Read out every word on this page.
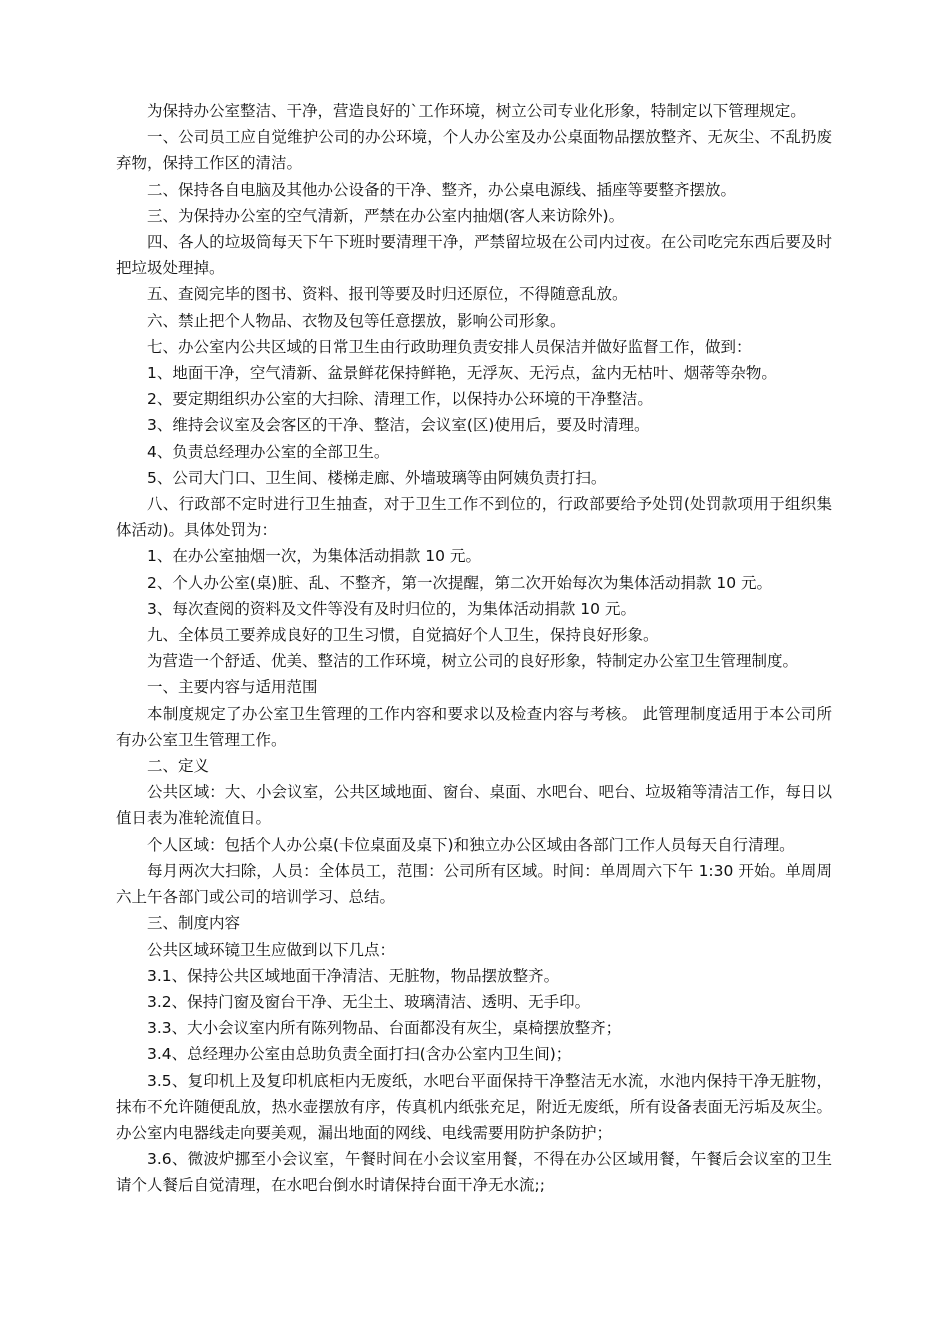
为保持办公室整洁、干净，营造良好的`工作环境，树立公司专业化形象，特制定以下管理规定。

一、公司员工应自觉维护公司的办公环境，个人办公室及办公桌面物品摆放整齐、无灰尘、不乱扔废弃物，保持工作区的清洁。

二、保持各自电脑及其他办公设备的干净、整齐，办公桌电源线、插座等要整齐摆放。

三、为保持办公室的空气清新，严禁在办公室内抽烟(客人来访除外)。

四、各人的垃圾筒每天下午下班时要清理干净，严禁留垃圾在公司内过夜。在公司吃完东西后要及时把垃圾处理掉。

五、查阅完毕的图书、资料、报刊等要及时归还原位，不得随意乱放。

六、禁止把个人物品、衣物及包等任意摆放，影响公司形象。

七、办公室内公共区域的日常卫生由行政助理负责安排人员保洁并做好监督工作，做到：

1、地面干净，空气清新、盆景鲜花保持鲜艳，无浮灰、无污点，盆内无枯叶、烟蒂等杂物。

2、要定期组织办公室的大扫除、清理工作，以保持办公环境的干净整洁。

3、维持会议室及会客区的干净、整洁，会议室(区)使用后，要及时清理。

4、负责总经理办公室的全部卫生。

5、公司大门口、卫生间、楼梯走廊、外墙玻璃等由阿姨负责打扫。

八、行政部不定时进行卫生抽查，对于卫生工作不到位的，行政部要给予处罚(处罚款项用于组织集体活动)。具体处罚为：

1、在办公室抽烟一次，为集体活动捐款 10 元。

2、个人办公室(桌)脏、乱、不整齐，第一次提醒，第二次开始每次为集体活动捐款 10 元。

3、每次查阅的资料及文件等没有及时归位的，为集体活动捐款 10 元。

九、全体员工要养成良好的卫生习惯，自觉搞好个人卫生，保持良好形象。

为营造一个舒适、优美、整洁的工作环境，树立公司的良好形象，特制定办公室卫生管理制度。

一、主要内容与适用范围

本制度规定了办公室卫生管理的工作内容和要求以及检查内容与考核。 此管理制度适用于本公司所有办公室卫生管理工作。

二、定义

公共区域：大、小会议室，公共区域地面、窗台、桌面、水吧台、吧台、垃圾箱等清洁工作，每日以值日表为准轮流值日。

个人区域：包括个人办公桌(卡位桌面及桌下)和独立办公区域由各部门工作人员每天自行清理。

每月两次大扫除，人员：全体员工，范围：公司所有区域。时间：单周周六下午 1:30 开始。单周周六上午各部门或公司的培训学习、总结。

三、制度内容

公共区域环镜卫生应做到以下几点：

3.1、保持公共区域地面干净清洁、无脏物，物品摆放整齐。

3.2、保持门窗及窗台干净、无尘土、玻璃清洁、透明、无手印。

3.3、大小会议室内所有陈列物品、台面都没有灰尘，桌椅摆放整齐；

3.4、总经理办公室由总助负责全面打扫(含办公室内卫生间)；

3.5、复印机上及复印机底柜内无废纸，水吧台平面保持干净整洁无水流，水池内保持干净无脏物，抹布不允许随便乱放，热水壶摆放有序，传真机内纸张充足，附近无废纸，所有设备表面无污垢及灰尘。办公室内电器线走向要美观，漏出地面的网线、电线需要用防护条防护；

3.6、微波炉挪至小会议室，午餐时间在小会议室用餐，不得在办公区域用餐，午餐后会议室的卫生请个人餐后自觉清理，在水吧台倒水时请保持台面干净无水流;;
